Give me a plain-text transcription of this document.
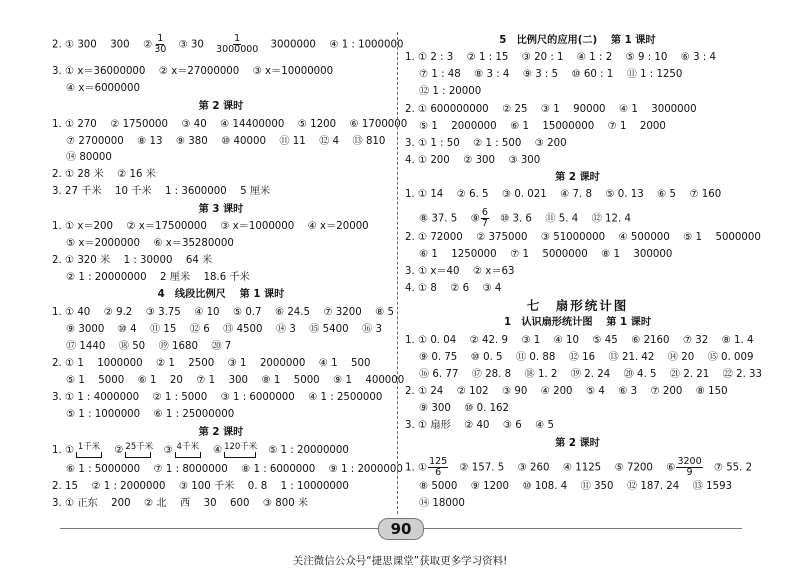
2. ① 300　 300　 ② $\frac{1}{30}$
　 ③ 30　 $\frac{1}{3000000}$
　 3000000　 ④ 1 : 1000000
3. ① x＝36000000　 ② x＝27000000　 ③ x＝10000000
④ x＝6000000
第 2 课时
1. ① 270　 ② 1750000　 ③ 40　 ④ 14400000　 ⑤ 1200　 ⑥ 1700000
⑦ 2700000　 ⑧ 13　 ⑨ 380　 ⑩ 40000　 ⑪ 11　 ⑫ 4　 ⑬ 810
⑭ 80000
2. ① 28 米　 ② 16 米
3. 27 千米　 10 千米　 1 : 3600000　 5 厘米
第 3 课时
1. ① x＝200　 ② x＝17500000　 ③ x＝1000000　 ④ x＝20000
⑤ x＝2000000　 ⑥ x＝35280000
2. ① 320 米　 1 : 30000　 64 米
② 1 : 20000000　 2 厘米　 18.6 千米
4　线段比例尺　 第 1 课时
1. ① 40　 ② 9.2　 ③ 3.75　 ④ 10　 ⑤ 0.7　 ⑥ 24.5　 ⑦ 3200　 ⑧ 5
⑨ 3000　 ⑩ 4　 ⑪ 15　 ⑫ 6　 ⑬ 4500　 ⑭ 3　 ⑮ 5400　 ⑯ 3
⑰ 1440　 ⑱ 50　 ⑲ 1680　 ⑳ 7
2. ① 1　 1000000　 ② 1　 2500　 ③ 1　 2000000　 ④ 1　 500
⑤ 1　 5000　 ⑥ 1　 20　 ⑦ 1　 300　 ⑧ 1　 5000　 ⑨ 1　 400000
3. ① 1 : 4000000　 ② 1 : 5000　 ③ 1 : 6000000　 ④ 1 : 2500000
⑤ 1 : 1000000　 ⑥ 1 : 25000000
第 2 课时
1. ① 1千米
　 ② 25千米
　 ③ 4千米
　 ④ 120千米
　 ⑤ 1 : 20000000
⑥ 1 : 5000000　 ⑦ 1 : 8000000　 ⑧ 1 : 6000000　 ⑨ 1 : 2000000
2. 15　 ② 1 : 2000000　 ③ 100 千米　 0. 8　 1 : 10000000
3. ① 正东　 200　 ② 北　 西　 30　 600　 ③ 800 米
5　比例尺的应用(二)　 第 1 课时
1. ① 2 : 3　 ② 1 : 15　 ③ 20 : 1　 ④ 1 : 2　 ⑤ 9 : 10　 ⑥ 3 : 4
⑦ 1 : 48　 ⑧ 3 : 4　 ⑨ 3 : 5　 ⑩ 60 : 1　 ⑪ 1 : 1250
⑫ 1 : 20000
2. ① 600000000　 ② 25　 ③ 1　 90000　 ④ 1　 3000000
⑤ 1　 2000000　 ⑥ 1　 15000000　 ⑦ 1　 2000
3. ① 1 : 50　 ② 1 : 500　 ③ 200
4. ① 200　 ② 300　 ③ 300
第 2 课时
1. ① 14　 ② 6. 5　 ③ 0. 021　 ④ 7. 8　 ⑤ 0. 13　 ⑥ 5　 ⑦ 160
⑧ 37. 5　 ⑨ $\frac{6}{7}$
　 ⑩ 3. 6　 ⑪ 5. 4　 ⑫ 12. 4
2. ① 72000　 ② 375000　 ③ 51000000　 ④ 500000　 ⑤ 1　 5000000
⑥ 1　 1250000　 ⑦ 1　 5000000　 ⑧ 1　 300000
3. ① x＝40　 ② x＝63
4. ① 8　 ② 6　 ③ 4
七　扇形统计图
1　认识扇形统计图　 第 1 课时
1. ① 0. 04　 ② 42. 9　 ③ 1　 ④ 10　 ⑤ 45　 ⑥ 2160　 ⑦ 32　 ⑧ 1. 4
⑨ 0. 75　 ⑩ 0. 5　 ⑪ 0. 88　 ⑫ 16　 ⑬ 21. 42　 ⑭ 20　 ⑮ 0. 009
⑯ 6. 77　 ⑰ 28. 8　 ⑱ 1. 2　 ⑲ 2. 24　 ⑳ 4. 5　 ㉑ 2. 21　 ㉒ 2. 33
2. ① 24　 ② 102　 ③ 90　 ④ 200　 ⑤ 4　 ⑥ 3　 ⑦ 200　 ⑧ 150
⑨ 300　 ⑩ 0. 162
3. ① 扇形　 ② 40　 ③ 6　 ④ 5
第 2 课时
1. ① $\frac{125}{6}$
　 ② 157. 5　 ③ 260　 ④ 1125　 ⑤ 7200　 ⑥ $\frac{3200}{9}$
　 ⑦ 55. 2
⑧ 5000　 ⑨ 1200　 ⑩ 108. 4　 ⑪ 350　 ⑫ 187. 24　 ⑬ 1593
⑭ 18000
90
关注微信公众号“捷思课堂”获取更多学习资料!
